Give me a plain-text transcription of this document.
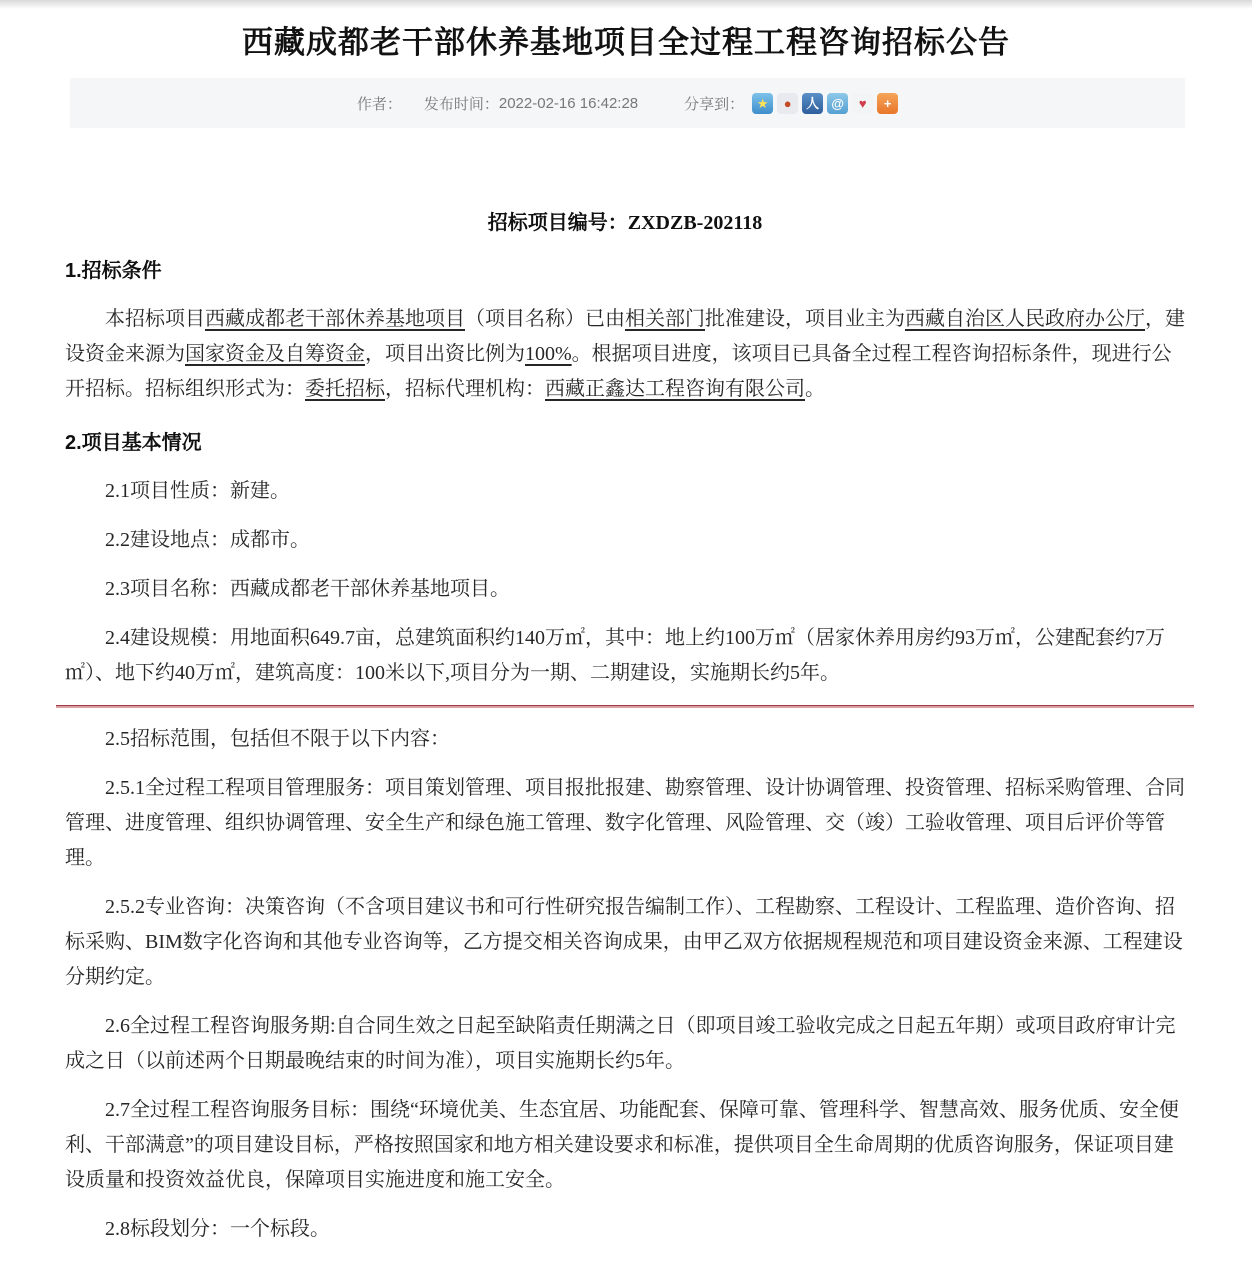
西藏成都老干部休养基地项目全过程工程咨询招标公告
作者： 发布时间： 2022-02-16 16:42:28	分享到： ★	●	人 @	♥	+

招标项目编号：ZXDZB-202118

1.招标条件

本招标项目西藏成都老干部休养基地项目（项目名称）已由相关部门批准建设，项目业主为西藏自治区人民政府办公厅，建设资金来源为国家资金及自筹资金，项目出资比例为100%。根据项目进度，该项目已具备全过程工程咨询招标条件，现进行公开招标。招标组织形式为：委托招标，招标代理机构：西藏正鑫达工程咨询有限公司。

2.项目基本情况

2.1项目性质：新建。

2.2建设地点：成都市。

2.3项目名称：西藏成都老干部休养基地项目。

2.4建设规模：用地面积649.7亩，总建筑面积约140万㎡，其中：地上约100万㎡（居家休养用房约93万㎡，公建配套约7万㎡）、地下约40万㎡，建筑高度：100米以下,项目分为一期、二期建设，实施期长约5年。

2.5招标范围，包括但不限于以下内容：

2.5.1全过程工程项目管理服务：项目策划管理、项目报批报建、勘察管理、设计协调管理、投资管理、招标采购管理、合同管理、进度管理、组织协调管理、安全生产和绿色施工管理、数字化管理、风险管理、交（竣）工验收管理、项目后评价等管理。

2.5.2专业咨询：决策咨询（不含项目建议书和可行性研究报告编制工作）、工程勘察、工程设计、工程监理、造价咨询、招标采购、BIM数字化咨询和其他专业咨询等，乙方提交相关咨询成果，由甲乙双方依据规程规范和项目建设资金来源、工程建设分期约定。

2.6全过程工程咨询服务期:自合同生效之日起至缺陷责任期满之日（即项目竣工验收完成之日起五年期）或项目政府审计完成之日（以前述两个日期最晚结束的时间为准），项目实施期长约5年。

2.7全过程工程咨询服务目标：围绕“环境优美、生态宜居、功能配套、保障可靠、管理科学、智慧高效、服务优质、安全便利、干部满意”的项目建设目标，严格按照国家和地方相关建设要求和标准，提供项目全生命周期的优质咨询服务，保证项目建设质量和投资效益优良，保障项目实施进度和施工安全。

2.8标段划分：一个标段。
